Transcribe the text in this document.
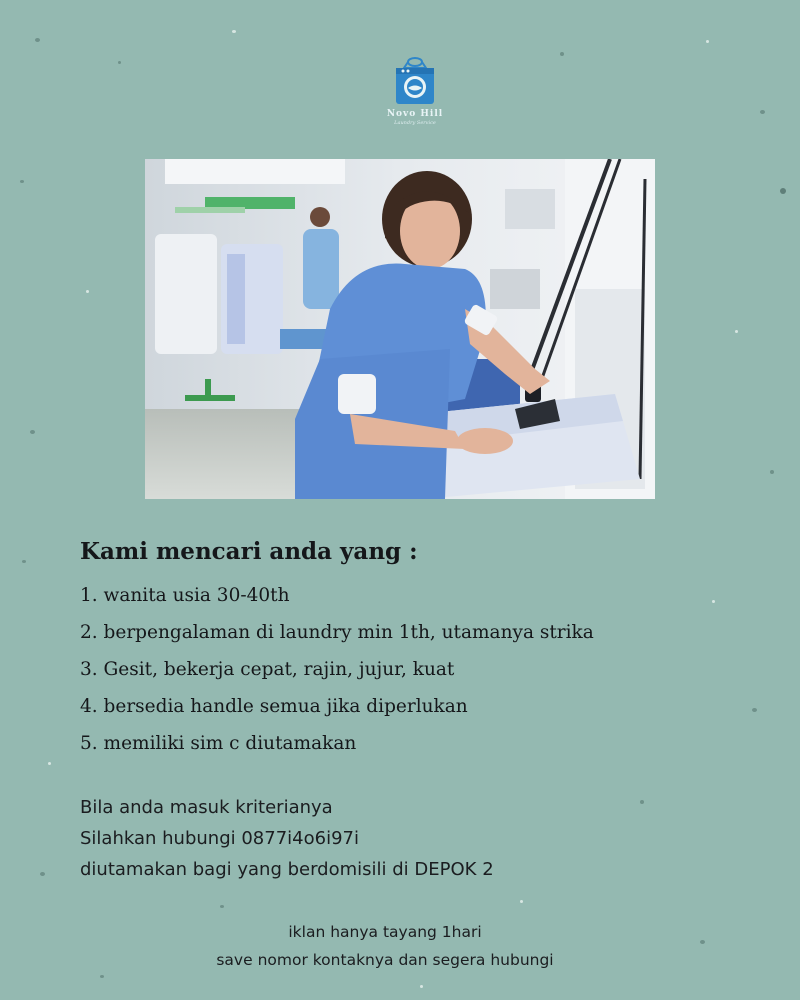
Novo Hill
Laundry Service
Kami mencari anda yang :
1. wanita usia 30-40th
2. berpengalaman di laundry min 1th, utamanya strika
3. Gesit, bekerja cepat, rajin, jujur, kuat
4. bersedia handle semua jika diperlukan
5. memiliki sim c diutamakan
Bila anda masuk kriterianya
Silahkan hubungi 0877i4o6i97i
diutamakan bagi yang berdomisili di DEPOK 2
iklan hanya tayang 1hari
save nomor kontaknya dan segera hubungi
